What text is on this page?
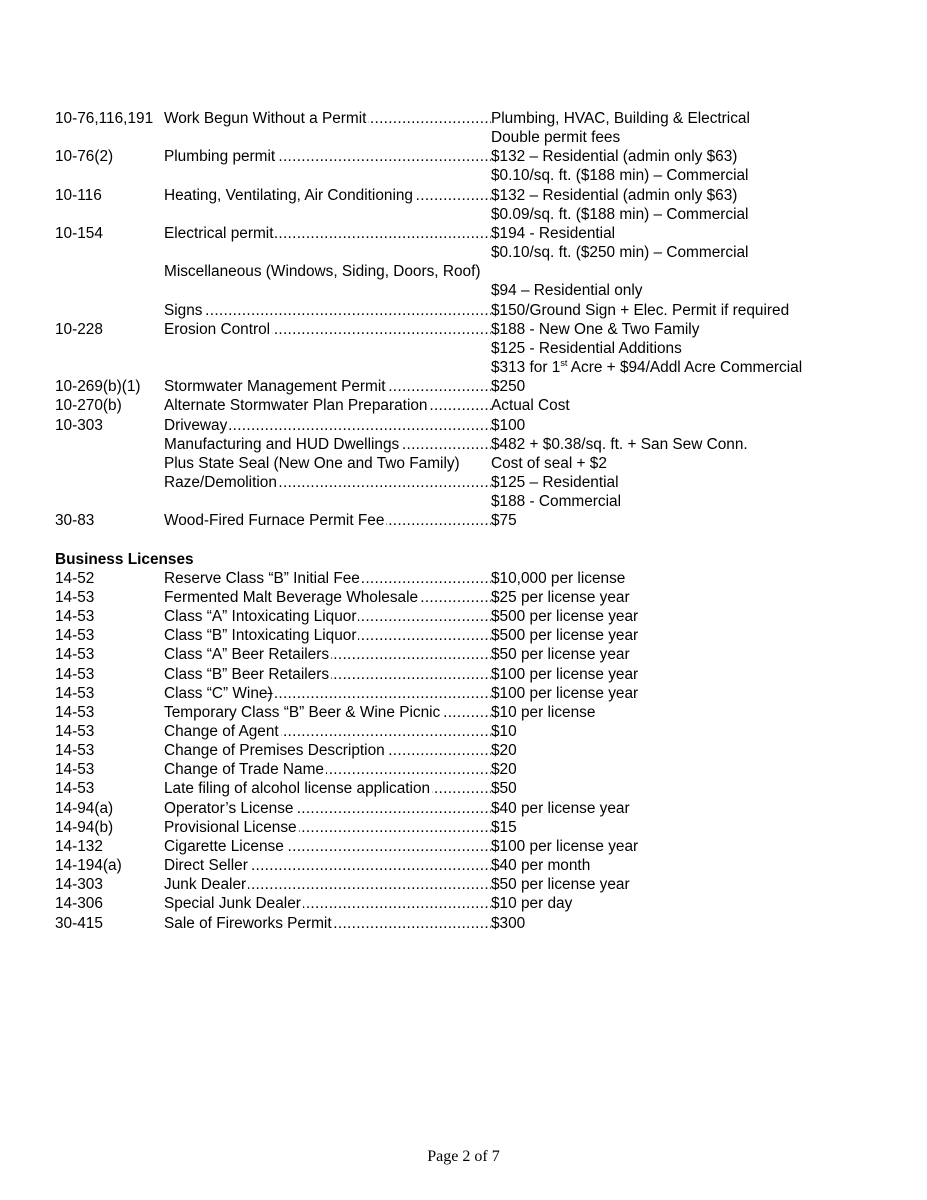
10-76,116,191 Work Begun Without a Permit .....	Plumbing, HVAC, Building & Electrical
Double permit fees
10-76(2)	Plumbing permit .....	$132 – Residential (admin only $63)
$0.10/sq. ft. ($188 min) – Commercial
10-116	Heating, Ventilating, Air Conditioning .....	$132 – Residential (admin only $63)
$0.09/sq. ft. ($188 min) – Commercial
10-154	Electrical permit .....	$194 - Residential
$0.10/sq. ft. ($250 min) – Commercial
Miscellaneous (Windows, Siding, Doors, Roof)
$94 – Residential only
Signs .....	$150/Ground Sign + Elec. Permit if required
10-228	Erosion Control .....	$188 - New One & Two Family
$125 - Residential Additions
$313 for 1st Acre + $94/Addl Acre Commercial
10-269(b)(1) Stormwater Management Permit .....	$250
10-270(b)	Alternate Stormwater Plan Preparation .....	Actual Cost
10-303	Driveway .....	$100
Manufacturing and HUD Dwellings .....	$482 + $0.38/sq. ft. + San Sew Conn.
Plus State Seal (New One and Two Family)	Cost of seal + $2
Raze/Demolition .....	$125 – Residential
$188 - Commercial
30-83	Wood-Fired Furnace Permit Fee .....	$75
Business Licenses
14-52	Reserve Class “B” Initial Fee .....	$10,000 per license
14-53	Fermented Malt Beverage Wholesale .....	$25 per license year
14-53	Class “A” Intoxicating Liquor .....	$500 per license year
14-53	Class “B” Intoxicating Liquor .....	$500 per license year
14-53	Class “A” Beer Retailers .....	$50 per license year
14-53	Class “B” Beer Retailers .....	$100 per license year
14-53	Class “C” Wine) .....	$100 per license year
14-53	Temporary Class “B” Beer & Wine Picnic .....	$10 per license
14-53	Change of Agent .....	$10
14-53	Change of Premises Description .....	$20
14-53	Change of Trade Name .....	$20
14-53	Late filing of alcohol license application .....	$50
14-94(a)	Operator’s License .....	$40 per license year
14-94(b)	Provisional License .....	$15
14-132	Cigarette License .....	$100 per license year
14-194(a)	Direct Seller .....	$40 per month
14-303	Junk Dealer .....	$50 per license year
14-306	Special Junk Dealer .....	$10 per day
30-415	Sale of Fireworks Permit .....	$300
Page 2 of 7
